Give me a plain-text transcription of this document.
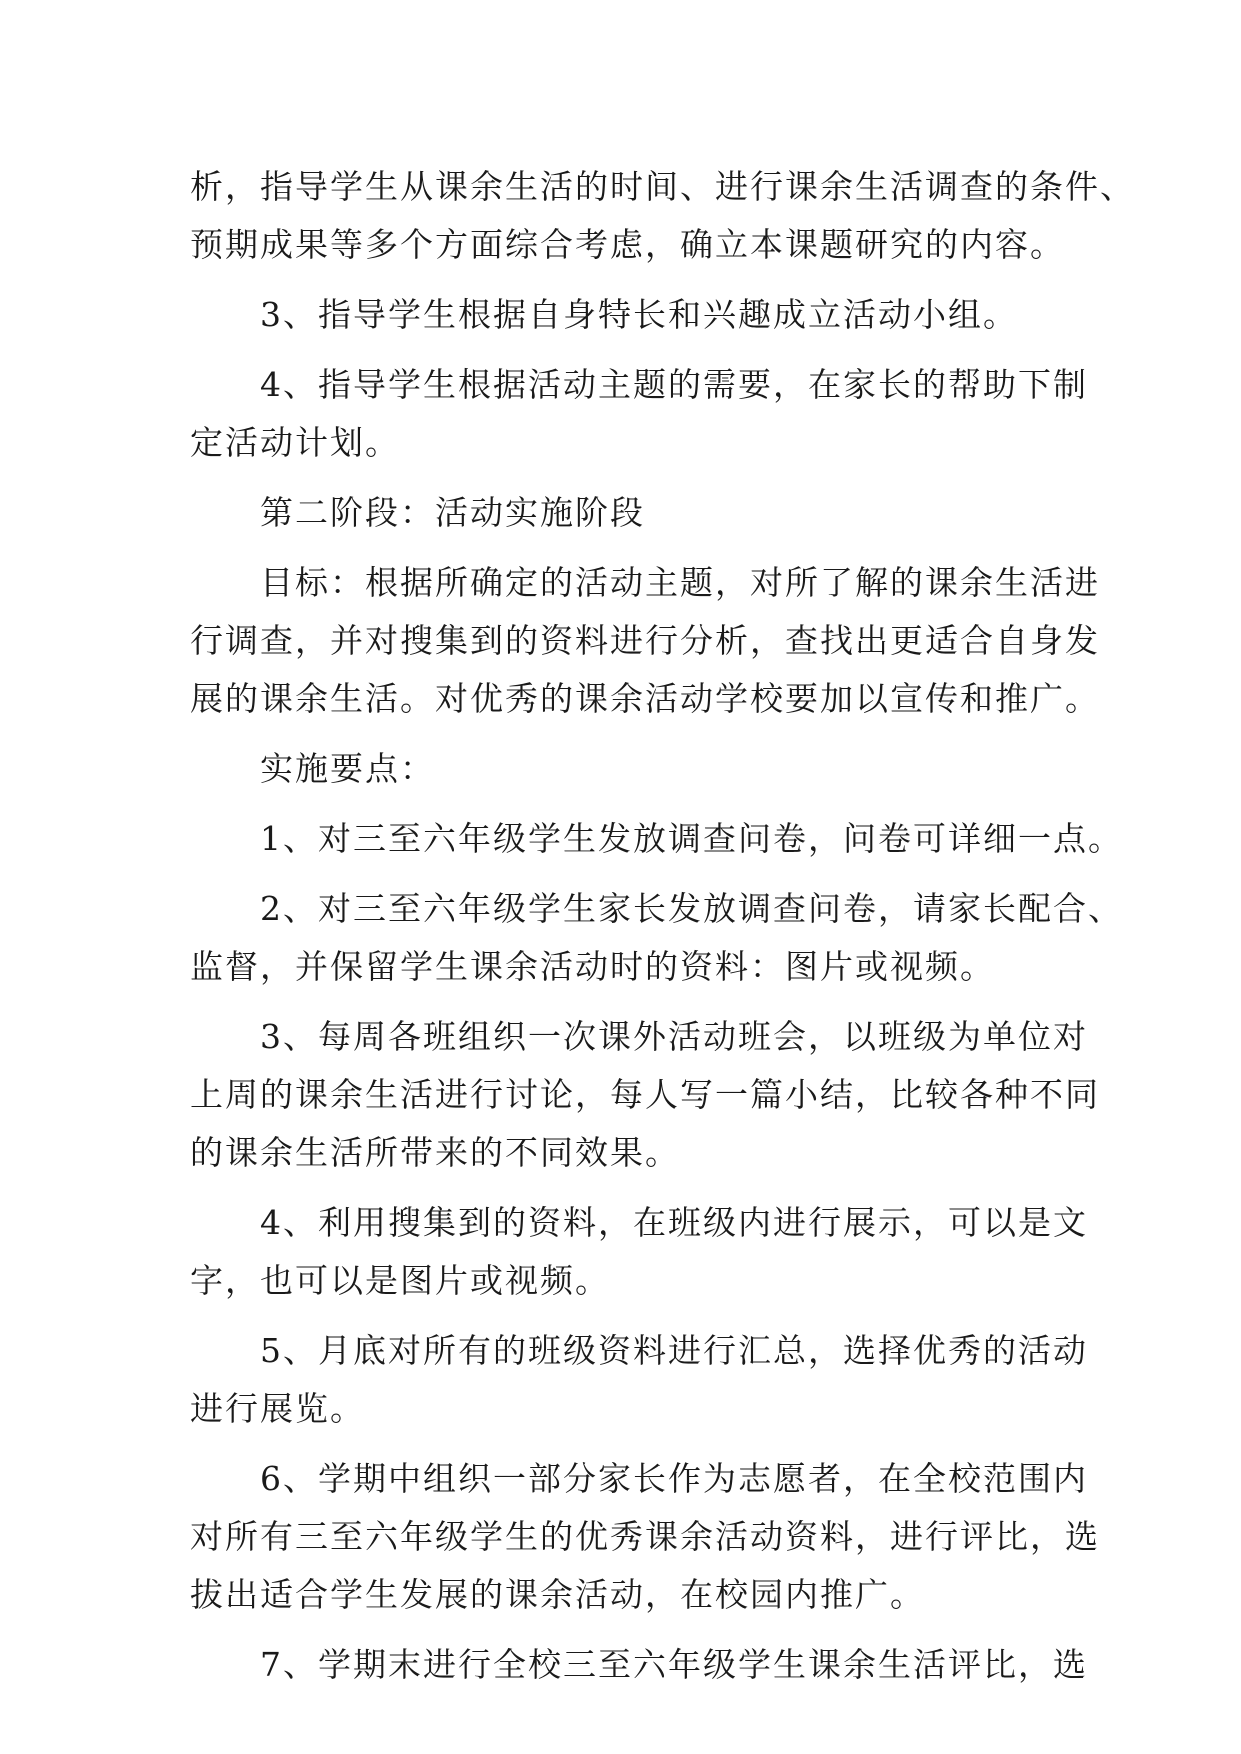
析，指导学生从课余生活的时间、进行课余生活调查的条件、
预期成果等多个方面综合考虑，确立本课题研究的内容。
　　3、指导学生根据自身特长和兴趣成立活动小组。
　　4、指导学生根据活动主题的需要，在家长的帮助下制
定活动计划。
　　第二阶段：活动实施阶段
　　目标：根据所确定的活动主题，对所了解的课余生活进
行调查，并对搜集到的资料进行分析，查找出更适合自身发
展的课余生活。对优秀的课余活动学校要加以宣传和推广。
　　实施要点：
　　1、对三至六年级学生发放调查问卷，问卷可详细一点。
　　2、对三至六年级学生家长发放调查问卷，请家长配合、
监督，并保留学生课余活动时的资料：图片或视频。
　　3、每周各班组织一次课外活动班会，以班级为单位对
上周的课余生活进行讨论，每人写一篇小结，比较各种不同
的课余生活所带来的不同效果。
　　4、利用搜集到的资料，在班级内进行展示，可以是文
字，也可以是图片或视频。
　　5、月底对所有的班级资料进行汇总，选择优秀的活动
进行展览。
　　6、学期中组织一部分家长作为志愿者，在全校范围内
对所有三至六年级学生的优秀课余活动资料，进行评比，选
拔出适合学生发展的课余活动，在校园内推广。
　　7、学期末进行全校三至六年级学生课余生活评比，选
